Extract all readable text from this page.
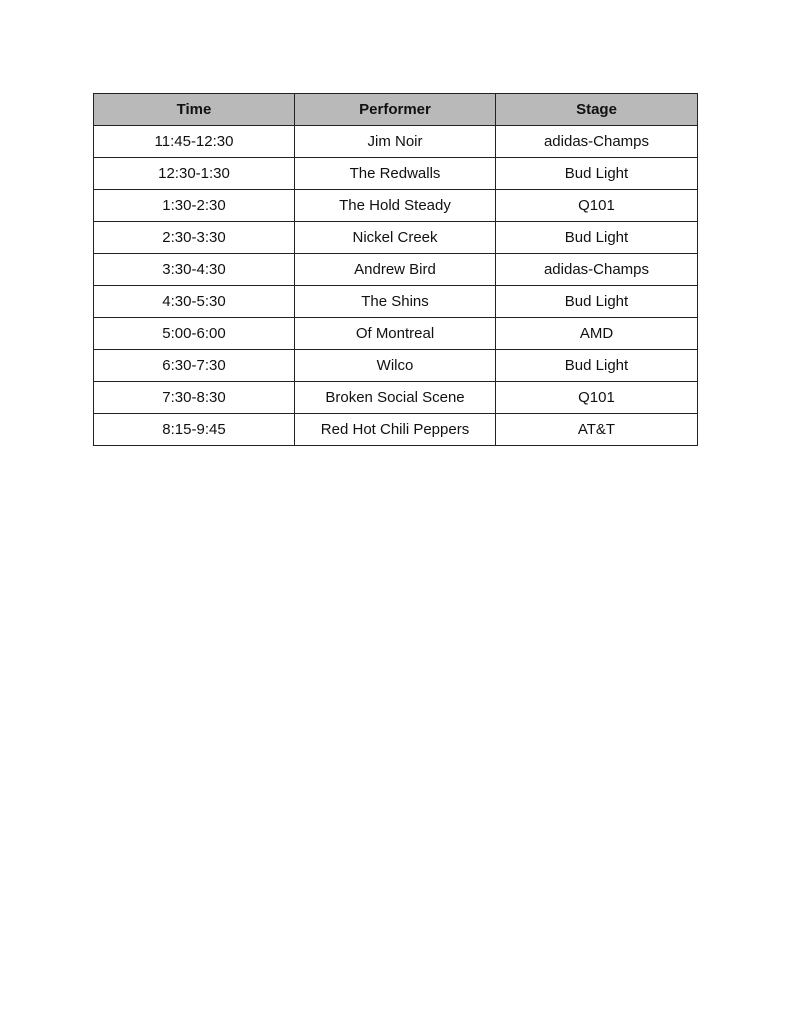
Time	Performer	Stage
11:45-12:30	Jim Noir	adidas-Champs
12:30-1:30	The Redwalls	Bud Light
1:30-2:30	The Hold Steady	Q101
2:30-3:30	Nickel Creek	Bud Light
3:30-4:30	Andrew Bird	adidas-Champs
4:30-5:30	The Shins	Bud Light
5:00-6:00	Of Montreal	AMD
6:30-7:30	Wilco	Bud Light
7:30-8:30	Broken Social Scene	Q101
8:15-9:45	Red Hot Chili Peppers	AT&T
